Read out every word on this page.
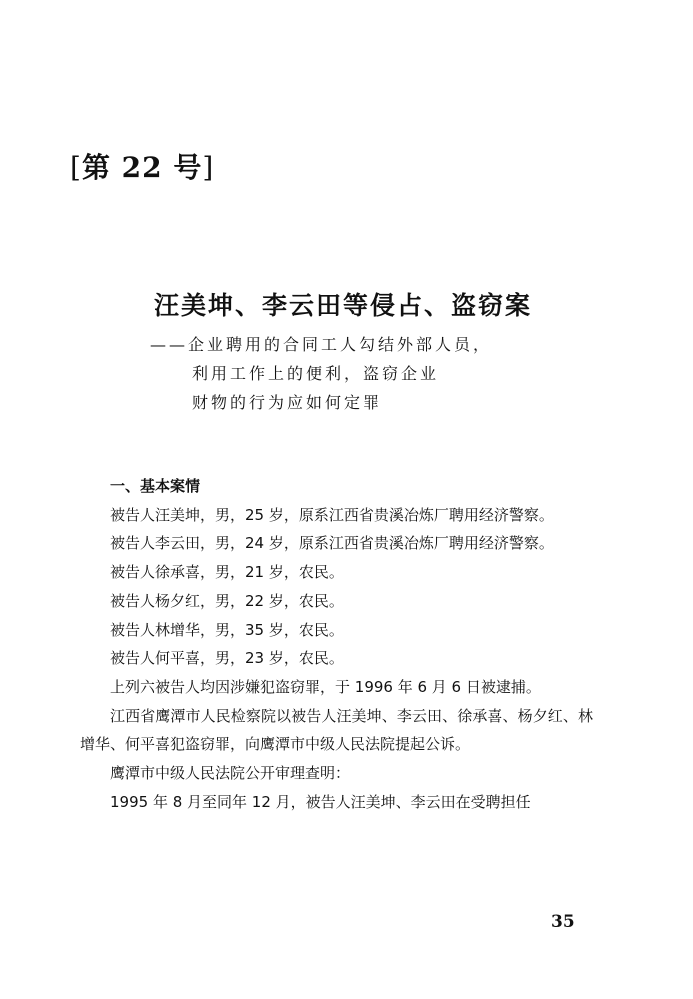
[第 22 号]
汪美坤、李云田等侵占、盗窃案
——企业聘用的合同工人勾结外部人员，
利用工作上的便利，盗窃企业
财物的行为应如何定罪

一、基本案情

被告人汪美坤，男，25 岁，原系江西省贵溪冶炼厂聘用经济警察。

被告人李云田，男，24 岁，原系江西省贵溪冶炼厂聘用经济警察。

被告人徐承喜，男，21 岁，农民。

被告人杨夕红，男，22 岁，农民。

被告人林增华，男，35 岁，农民。

被告人何平喜，男，23 岁，农民。

上列六被告人均因涉嫌犯盗窃罪，于 1996 年 6 月 6 日被逮捕。

江西省鹰潭市人民检察院以被告人汪美坤、李云田、徐承喜、杨夕红、林增华、何平喜犯盗窃罪，向鹰潭市中级人民法院提起公诉。

鹰潭市中级人民法院公开审理查明：

1995 年 8 月至同年 12 月，被告人汪美坤、李云田在受聘担任

35
